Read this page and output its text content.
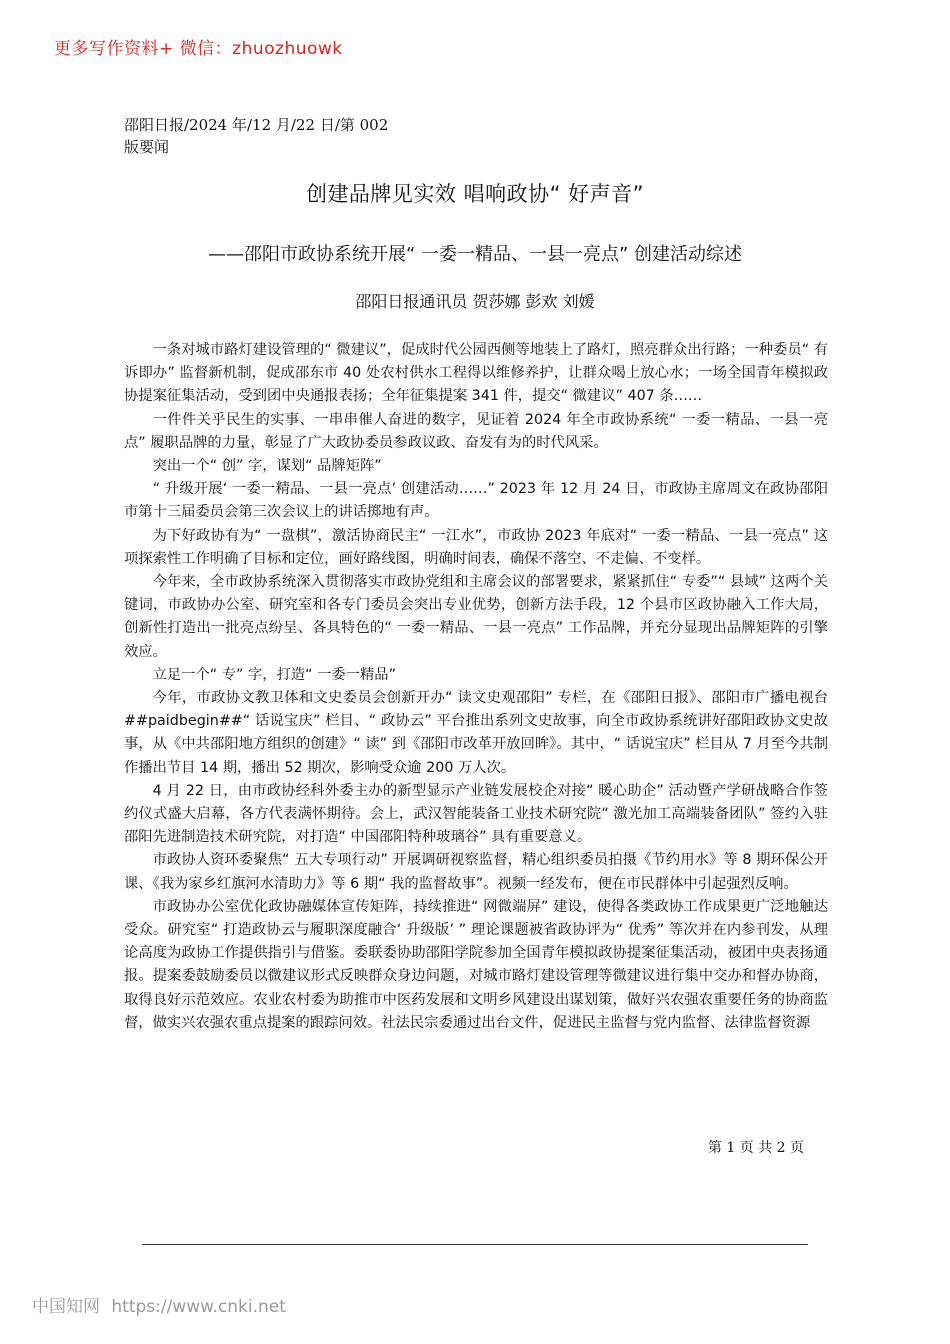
更多写作资料+ 微信：zhuozhuowk
邵阳日报/2024 年/12 月/22 日/第 002
版要闻
创建品牌见实效 唱响政协“ 好声音”
——邵阳市政协系统开展“ 一委一精品、一县一亮点” 创建活动综述
邵阳日报通讯员 贺莎娜 彭欢 刘媛

一条对城市路灯建设管理的“ 微建议”，促成时代公园西侧等地装上了路灯，照亮群众出行路；一种委员“ 有诉即办” 监督新机制，促成邵东市 40 处农村供水工程得以维修养护，让群众喝上放心水；一场全国青年模拟政协提案征集活动，受到团中央通报表扬；全年征集提案 341 件，提交“ 微建议” 407 条……

一件件关乎民生的实事、一串串催人奋进的数字，见证着 2024 年全市政协系统“ 一委一精品、一县一亮点” 履职品牌的力量，彰显了广大政协委员参政议政、奋发有为的时代风采。

突出一个“ 创” 字，谋划“ 品牌矩阵”

“ 升级开展‘ 一委一精品、一县一亮点’ 创建活动……” 2023 年 12 月 24 日，市政协主席周文在政协邵阳市第十三届委员会第三次会议上的讲话掷地有声。

为下好政协有为“ 一盘棋”，激活协商民主“ 一江水”，市政协 2023 年底对“ 一委一精品、一县一亮点” 这项探索性工作明确了目标和定位，画好路线图，明确时间表，确保不落空、不走偏、不变样。

今年来，全市政协系统深入贯彻落实市政协党组和主席会议的部署要求，紧紧抓住“ 专委”“ 县域” 这两个关键词，市政协办公室、研究室和各专门委员会突出专业优势，创新方法手段，12 个县市区政协融入工作大局，创新性打造出一批亮点纷呈、各具特色的“ 一委一精品、一县一亮点” 工作品牌，并充分显现出品牌矩阵的引擎效应。

立足一个“ 专” 字，打造“ 一委一精品”

今年，市政协文教卫体和文史委员会创新开办“ 读文史观邵阳” 专栏，在《邵阳日报》、邵阳市广播电视台##paidbegin##“ 话说宝庆” 栏目、“ 政协云” 平台推出系列文史故事，向全市政协系统讲好邵阳政协文史故事，从《中共邵阳地方组织的创建》“ 读” 到《邵阳市改革开放回眸》。其中，“ 话说宝庆” 栏目从 7 月至今共制作播出节目 14 期，播出 52 期次，影响受众逾 200 万人次。

4 月 22 日，由市政协经科外委主办的新型显示产业链发展校企对接“ 暖心助企” 活动暨产学研战略合作签约仪式盛大启幕，各方代表满怀期待。会上，武汉智能装备工业技术研究院“ 激光加工高端装备团队” 签约入驻邵阳先进制造技术研究院，对打造“ 中国邵阳特种玻璃谷” 具有重要意义。

市政协人资环委聚焦“ 五大专项行动” 开展调研视察监督，精心组织委员拍摄《节约用水》等 8 期环保公开课、《我为家乡红旗河水清助力》等 6 期“ 我的监督故事”。视频一经发布，便在市民群体中引起强烈反响。

市政协办公室优化政协融媒体宣传矩阵，持续推进“ 网微端屏” 建设，使得各类政协工作成果更广泛地触达受众。研究室“ 打造政协云与履职深度融合‘ 升级版’ ” 理论课题被省政协评为“ 优秀” 等次并在内参刊发，从理论高度为政协工作提供指引与借鉴。委联委协助邵阳学院参加全国青年模拟政协提案征集活动，被团中央表扬通报。提案委鼓励委员以微建议形式反映群众身边问题，对城市路灯建设管理等微建议进行集中交办和督办协商，取得良好示范效应。农业农村委为助推市中医药发展和文明乡风建设出谋划策，做好兴农强农重要任务的协商监督，做实兴农强农重点提案的跟踪问效。社法民宗委通过出台文件，促进民主监督与党内监督、法律监督资源

第 1 页 共 2 页
中国知网 https://www.cnki.net
